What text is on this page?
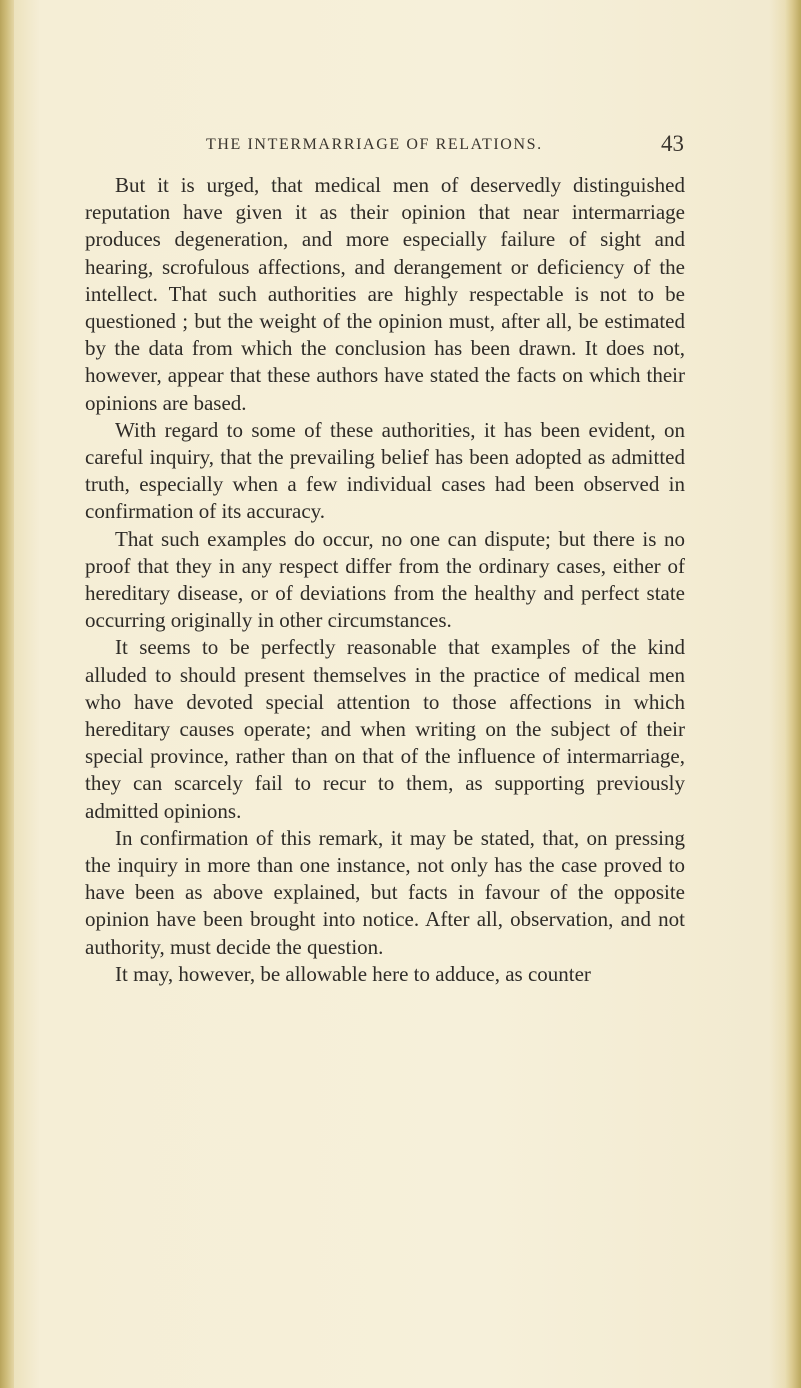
THE INTERMARRIAGE OF RELATIONS.	43

But it is urged, that medical men of deservedly distinguished reputation have given it as their opinion that near intermarriage produces degeneration, and more especially failure of sight and hearing, scrofulous affections, and derangement or deficiency of the intellect. That such authorities are highly respectable is not to be questioned ; but the weight of the opinion must, after all, be estimated by the data from which the conclusion has been drawn. It does not, however, appear that these authors have stated the facts on which their opinions are based.

With regard to some of these authorities, it has been evident, on careful inquiry, that the prevailing belief has been adopted as admitted truth, especially when a few individual cases had been observed in confirmation of its accuracy.

That such examples do occur, no one can dispute; but there is no proof that they in any respect differ from the ordinary cases, either of hereditary disease, or of deviations from the healthy and perfect state occurring originally in other circumstances.

It seems to be perfectly reasonable that examples of the kind alluded to should present themselves in the practice of medical men who have devoted special attention to those affections in which hereditary causes operate; and when writing on the subject of their special province, rather than on that of the influence of intermarriage, they can scarcely fail to recur to them, as supporting previously admitted opinions.

In confirmation of this remark, it may be stated, that, on pressing the inquiry in more than one instance, not only has the case proved to have been as above explained, but facts in favour of the opposite opinion have been brought into notice. After all, observation, and not authority, must decide the question.

It may, however, be allowable here to adduce, as counter
